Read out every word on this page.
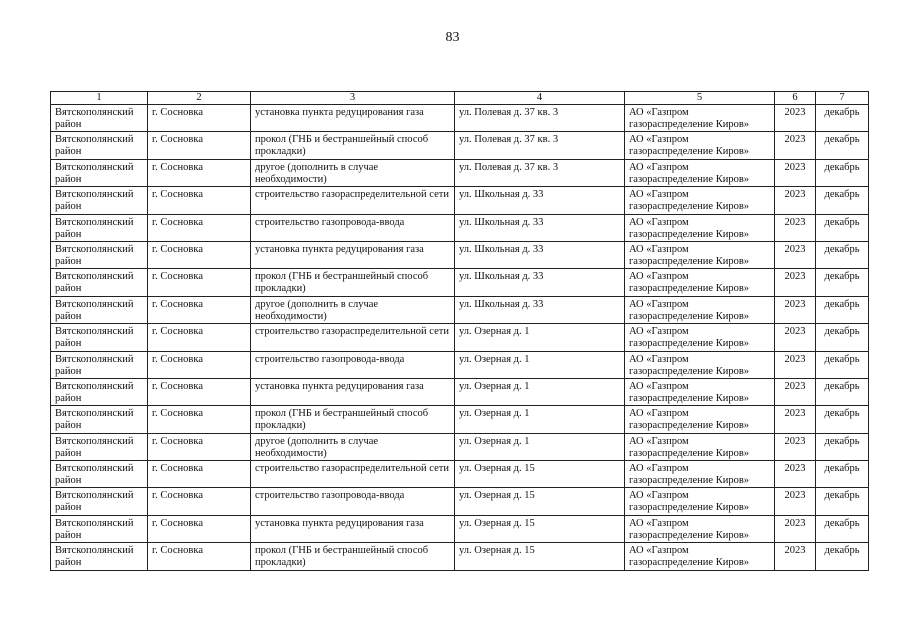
83
1	2	3	4	5	6	7
Вятскополянский район	г. Сосновка	установка пункта редуцирования газа	ул. Полевая д. 37 кв. 3	АО «Газпром газораспределение Киров»	2023	декабрь
Вятскополянский район	г. Сосновка	прокол (ГНБ и бестраншейный способ прокладки)	ул. Полевая д. 37 кв. 3	АО «Газпром газораспределение Киров»	2023	декабрь
Вятскополянский район	г. Сосновка	другое (дополнить в случае необходимости)	ул. Полевая д. 37 кв. 3	АО «Газпром газораспределение Киров»	2023	декабрь
Вятскополянский район	г. Сосновка	строительство газораспределительной сети	ул. Школьная д. 33	АО «Газпром газораспределение Киров»	2023	декабрь
Вятскополянский район	г. Сосновка	строительство газопровода-ввода	ул. Школьная д. 33	АО «Газпром газораспределение Киров»	2023	декабрь
Вятскополянский район	г. Сосновка	установка пункта редуцирования газа	ул. Школьная д. 33	АО «Газпром газораспределение Киров»	2023	декабрь
Вятскополянский район	г. Сосновка	прокол (ГНБ и бестраншейный способ прокладки)	ул. Школьная д. 33	АО «Газпром газораспределение Киров»	2023	декабрь
Вятскополянский район	г. Сосновка	другое (дополнить в случае необходимости)	ул. Школьная д. 33	АО «Газпром газораспределение Киров»	2023	декабрь
Вятскополянский район	г. Сосновка	строительство газораспределительной сети	ул. Озерная д. 1	АО «Газпром газораспределение Киров»	2023	декабрь
Вятскополянский район	г. Сосновка	строительство газопровода-ввода	ул. Озерная д. 1	АО «Газпром газораспределение Киров»	2023	декабрь
Вятскополянский район	г. Сосновка	установка пункта редуцирования газа	ул. Озерная д. 1	АО «Газпром газораспределение Киров»	2023	декабрь
Вятскополянский район	г. Сосновка	прокол (ГНБ и бестраншейный способ прокладки)	ул. Озерная д. 1	АО «Газпром газораспределение Киров»	2023	декабрь
Вятскополянский район	г. Сосновка	другое (дополнить в случае необходимости)	ул. Озерная д. 1	АО «Газпром газораспределение Киров»	2023	декабрь
Вятскополянский район	г. Сосновка	строительство газораспределительной сети	ул. Озерная д. 15	АО «Газпром газораспределение Киров»	2023	декабрь
Вятскополянский район	г. Сосновка	строительство газопровода-ввода	ул. Озерная д. 15	АО «Газпром газораспределение Киров»	2023	декабрь
Вятскополянский район	г. Сосновка	установка пункта редуцирования газа	ул. Озерная д. 15	АО «Газпром газораспределение Киров»	2023	декабрь
Вятскополянский район	г. Сосновка	прокол (ГНБ и бестраншейный способ прокладки)	ул. Озерная д. 15	АО «Газпром газораспределение Киров»	2023	декабрь
